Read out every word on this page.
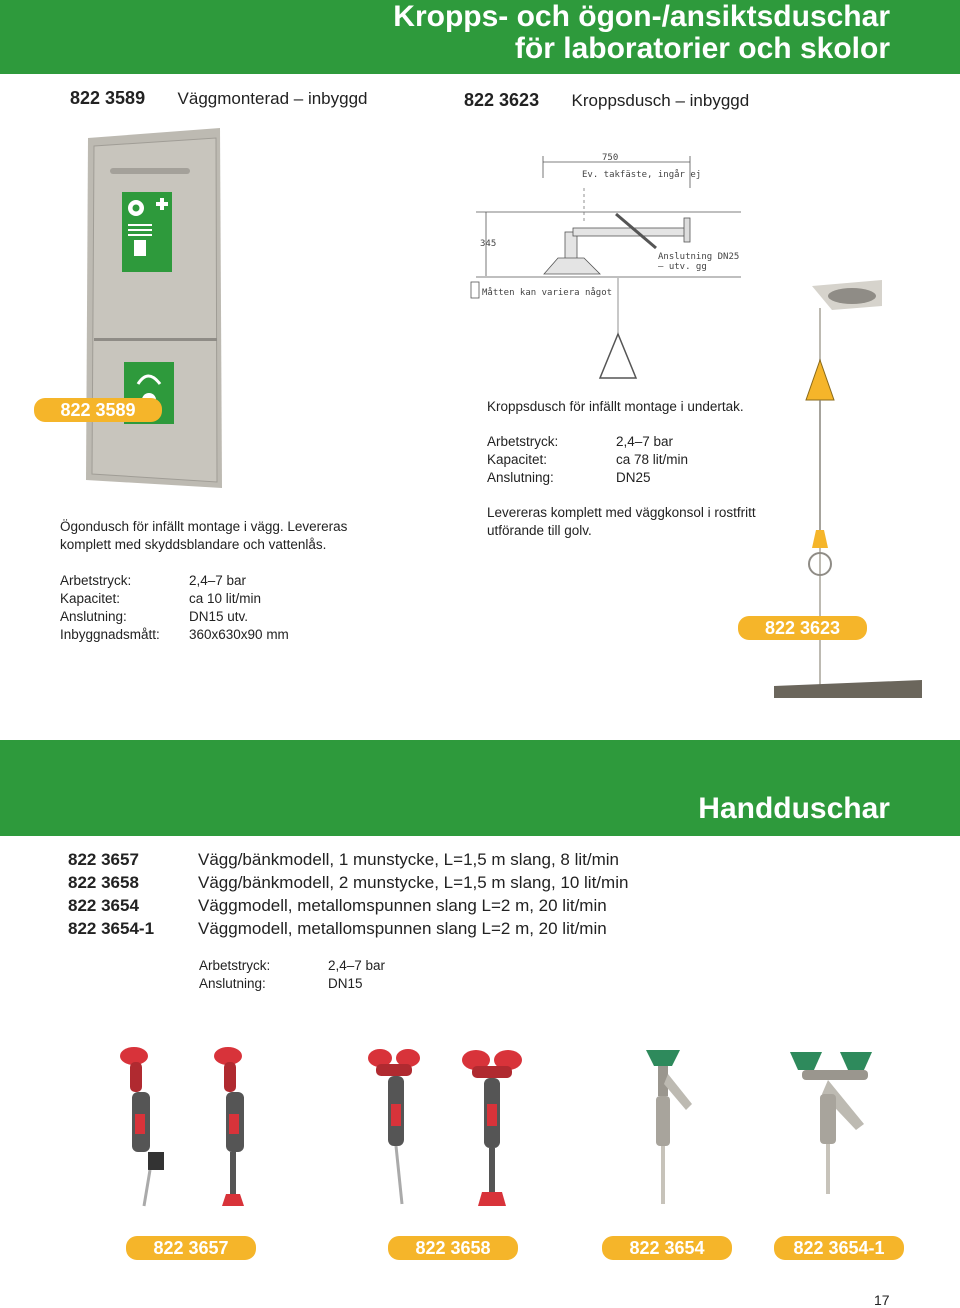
Kropps- och ögon-/ansiktsduschar
för laboratorier och skolor
822 3589 Väggmonterad – inbyggd	822 3623 Kroppsdusch – inbyggd
822 3589
750
Ev. takfäste, ingår ej
345
Anslutning DN25
– utv. gg
Måtten kan variera något
Kroppsdusch för infällt montage i undertak.
Arbetstryck:	2,4–7 bar
Kapacitet:	ca 78 lit/min
Anslutning:	DN25
Levereras komplett med väggkonsol i rostfritt utförande till golv.
Ögondusch för infällt montage i vägg. Levereras komplett med skyddsblandare och vattenlås.
Arbetstryck:	2,4–7 bar
Kapacitet:	ca 10 lit/min
Anslutning:	DN15 utv.
Inbyggnadsmått:	360x630x90 mm	822 3623
Handduschar
822 3657	Vägg/bänkmodell, 1 munstycke, L=1,5 m slang, 8 lit/min
822 3658	Vägg/bänkmodell, 2 munstycke, L=1,5 m slang, 10 lit/min
822 3654	Väggmodell, metallomspunnen slang L=2 m, 20 lit/min
822 3654-1	Väggmodell, metallomspunnen slang L=2 m, 20 lit/min
Arbetstryck:	2,4–7 bar
Anslutning:	DN15
822 3657	822 3658	822 3654	822 3654-1
17
